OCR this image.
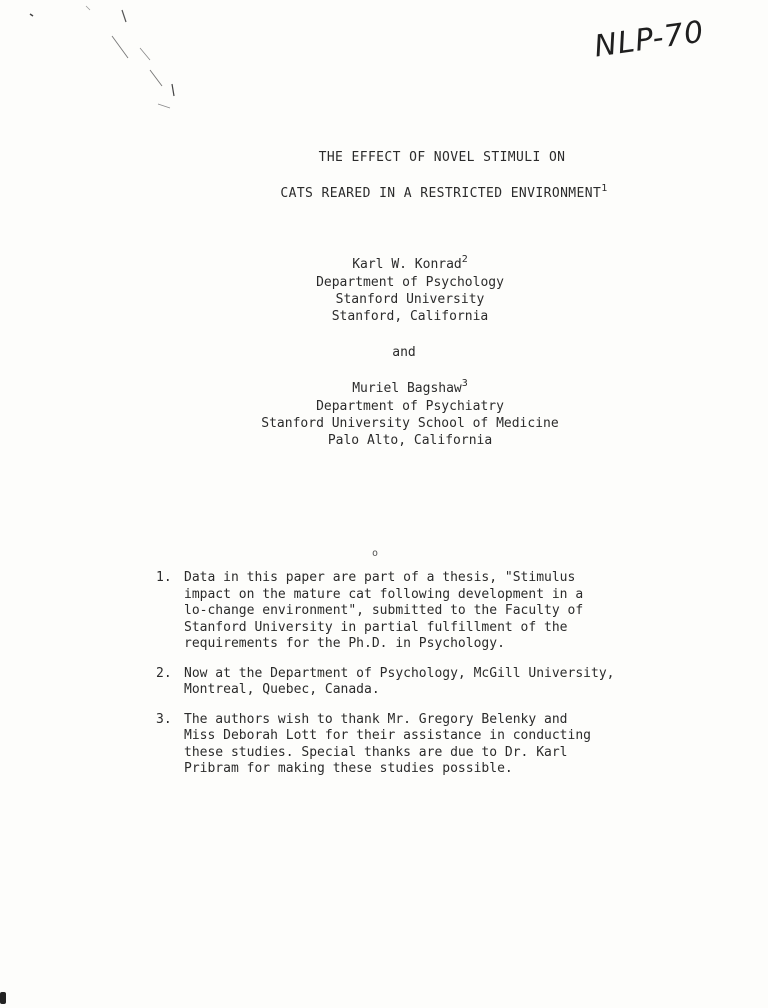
NLP-70
THE EFFECT OF NOVEL STIMULI ON
CATS REARED IN A RESTRICTED ENVIRONMENT$^1$
Karl W. Konrad$^2$
Department of Psychology
Stanford University
Stanford, California
and
Muriel Bagshaw$^3$
Department of Psychiatry
Stanford University School of Medicine
Palo Alto, California
o
1. Data in this paper are part of a thesis, "Stimulus
impact on the mature cat following development in a
lo-change environment", submitted to the Faculty of
Stanford University in partial fulfillment of the
requirements for the Ph.D. in Psychology.
2. Now at the Department of Psychology, McGill University,
Montreal, Quebec, Canada.
3. The authors wish to thank Mr. Gregory Belenky and
Miss Deborah Lott for their assistance in conducting
these studies. Special thanks are due to Dr. Karl
Pribram for making these studies possible.
